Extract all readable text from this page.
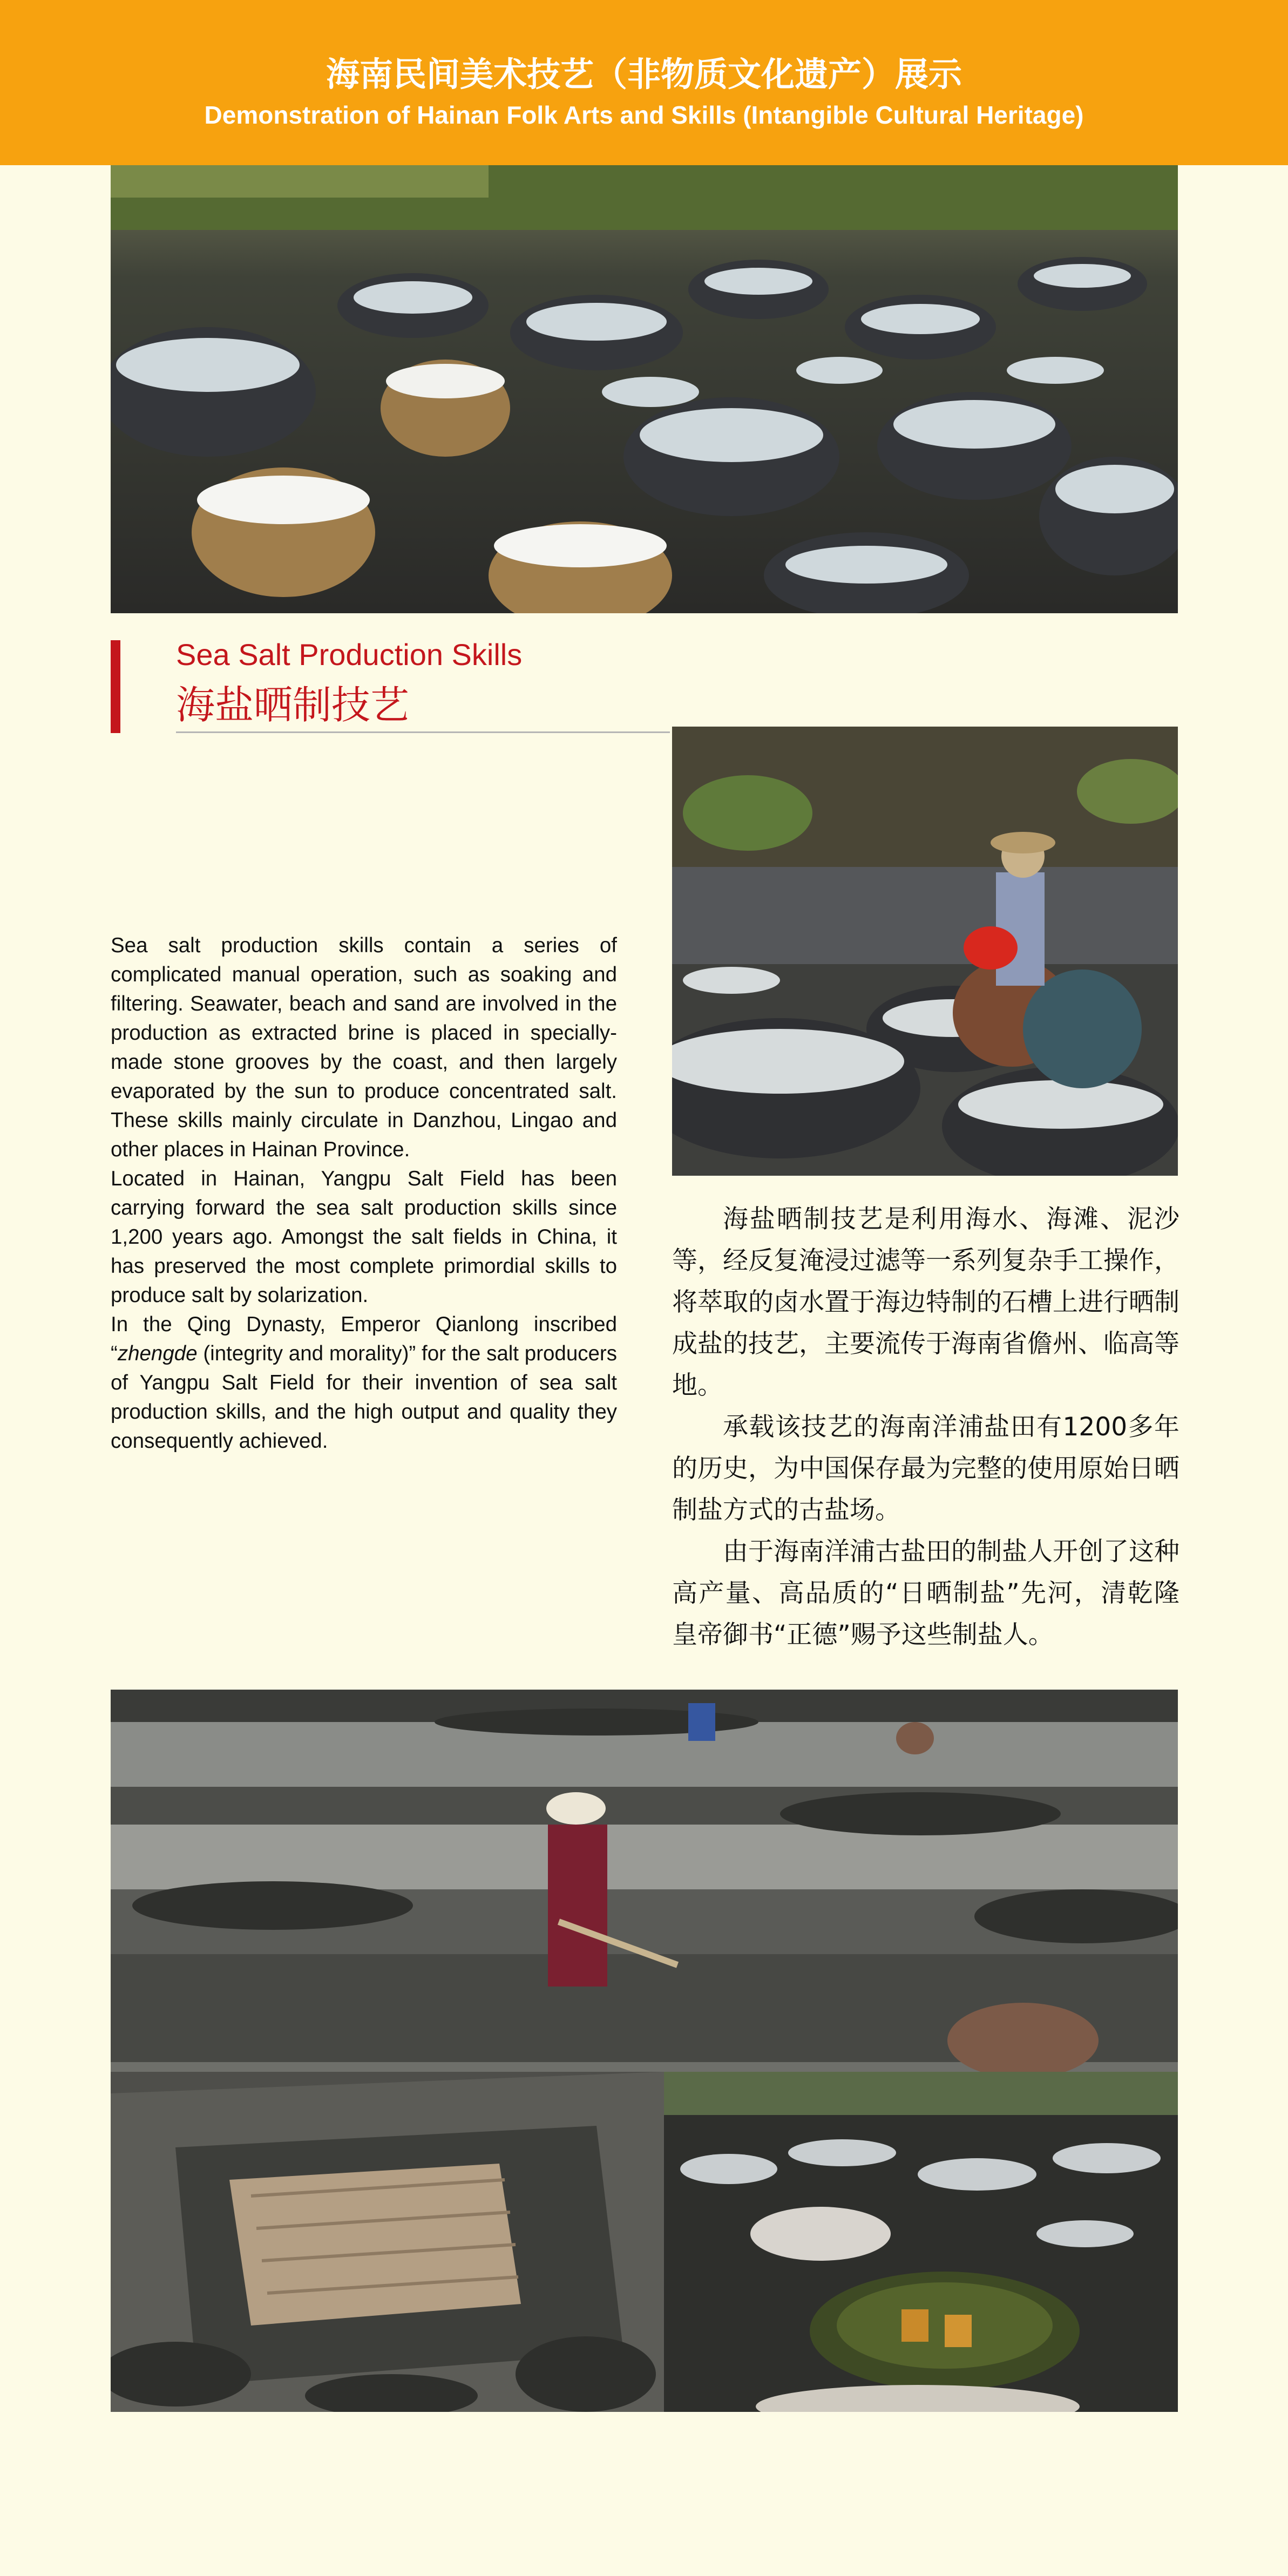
海南民间美术技艺（非物质文化遗产）展示
Demonstration of Hainan Folk Arts and Skills (Intangible Cultural Heritage)
Sea Salt Production Skills
海盐晒制技艺

Sea salt production skills contain a series of complicated manual operation, such as soaking and filtering. Seawater, beach and sand are involved in the production as extracted brine is placed in specially-made stone grooves by the coast, and then largely evaporated by the sun to produce concentrated salt. These skills mainly circulate in Danzhou, Lingao and other places in Hainan Province.

Located in Hainan, Yangpu Salt Field has been carrying forward the sea salt production skills since 1,200 years ago. Amongst the salt fields in China, it has preserved the most complete primordial skills to produce salt by solarization.

In the Qing Dynasty, Emperor Qianlong inscribed “zhengde (integrity and morality)” for the salt producers of Yangpu Salt Field for their invention of sea salt production skills, and the high output and quality they consequently achieved.

海盐晒制技艺是利用海水、海滩、泥沙等，经反复淹浸过滤等一系列复杂手工操作，将萃取的卤水置于海边特制的石槽上进行晒制成盐的技艺，主要流传于海南省儋州、临高等地。

承载该技艺的海南洋浦盐田有1200多年的历史，为中国保存最为完整的使用原始日晒制盐方式的古盐场。

由于海南洋浦古盐田的制盐人开创了这种高产量、高品质的“日晒制盐”先河，清乾隆皇帝御书“正德”赐予这些制盐人。
